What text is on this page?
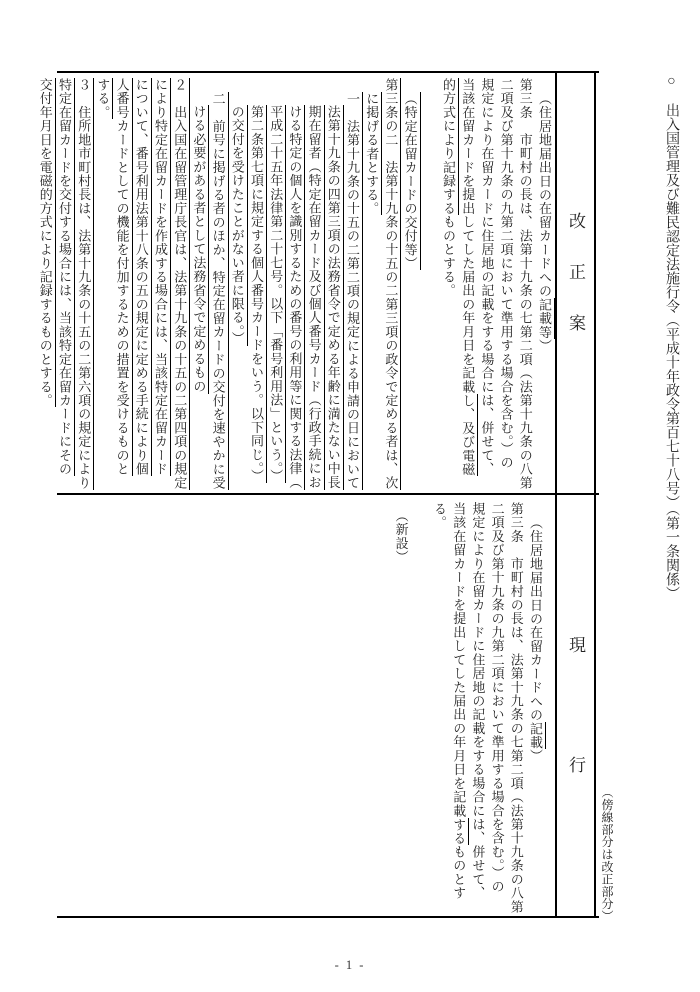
○　出入国管理及び難民認定法施行令（平成十年政令第百七十八号）（第一条関係）
（傍線部分は改正部分）
改正案
現行
（住居地届出日の在留カードへの記載等）
第三条　市町村の長は、法第十九条の七第二項（法第十九条の八第
二項及び第十九条の九第二項において準用する場合を含む。）の
規定により在留カードに住居地の記載をする場合には、併せて、
当該在留カードを提出してした届出の年月日を記載し、及び電磁
的方式により記録するものとする。
（特定在留カードの交付等）
第三条の二　法第十九条の十五の二第三項の政令で定める者は、次
に掲げる者とする。
一　法第十九条の十五の二第二項の規定による申請の日において
法第十九条の四第三項の法務省令で定める年齢に満たない中長
期在留者（特定在留カード及び個人番号カード（行政手続にお
ける特定の個人を識別するための番号の利用等に関する法律（
平成二十五年法律第二十七号。以下「番号利用法」という。）
第二条第七項に規定する個人番号カードをいう。以下同じ。）
の交付を受けたことがない者に限る。）
二　前号に掲げる者のほか、特定在留カードの交付を速やかに受
ける必要がある者として法務省令で定めるもの
２　出入国在留管理庁長官は、法第十九条の十五の二第四項の規定
により特定在留カードを作成する場合には、当該特定在留カード
について、番号利用法第十八条の五の規定に定める手続により個
人番号カードとしての機能を付加するための措置を受けるものと
する。
３　住所地市町村長は、法第十九条の十五の二第六項の規定により
特定在留カードを交付する場合には、当該特定在留カードにその
交付年月日を電磁的方式により記録するものとする。
（住居地届出日の在留カードへの記載）
第三条　市町村の長は、法第十九条の七第二項（法第十九条の八第
二項及び第十九条の九第二項において準用する場合を含む。）の
規定により在留カードに住居地の記載をする場合には、併せて、
当該在留カードを提出してした届出の年月日を記載するものとす
る。
（新設）
- 1 -
